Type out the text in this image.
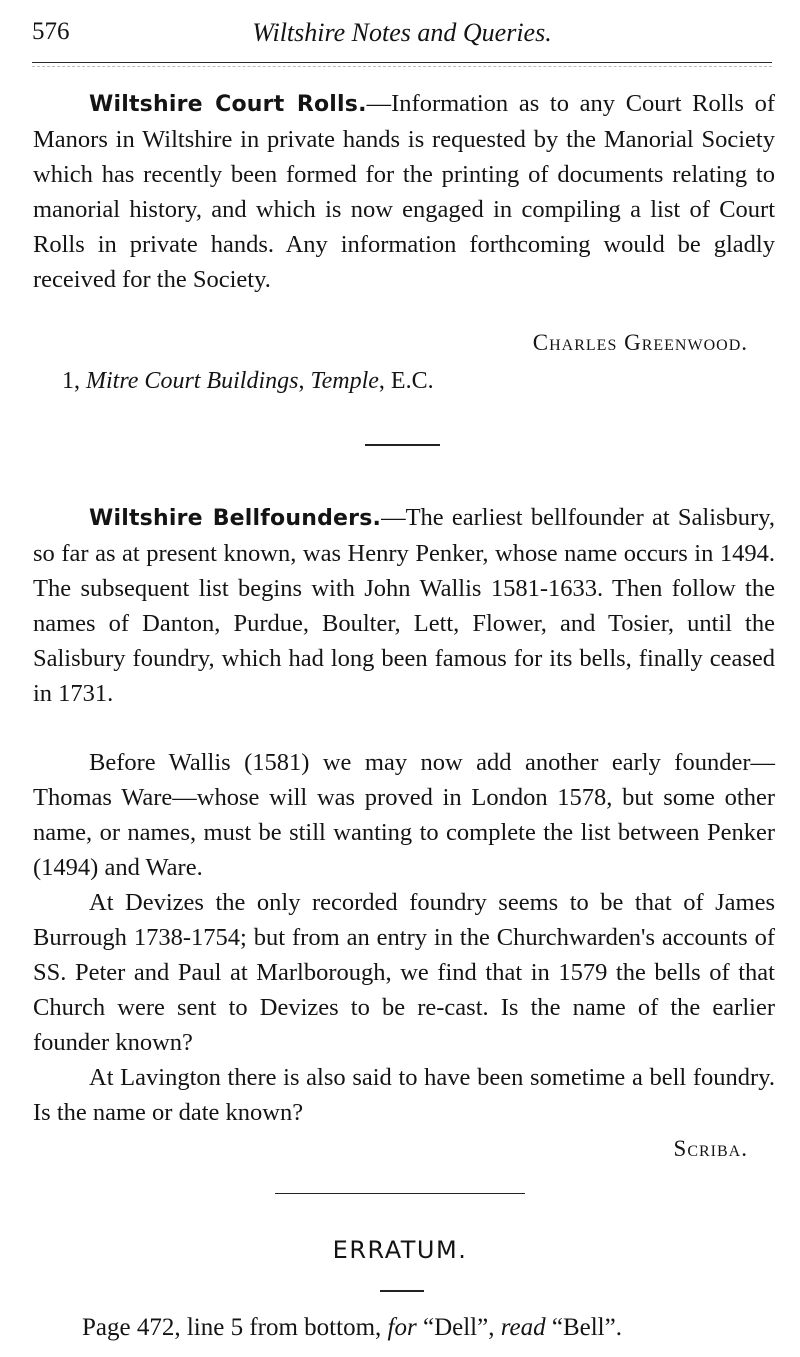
576	Wiltshire Notes and Queries.

Wiltshire Court Rolls.—Information as to any Court Rolls of Manors in Wiltshire in private hands is requested by the Manorial Society which has recently been formed for the printing of documents relating to manorial history, and which is now engaged in compiling a list of Court Rolls in private hands. Any information forthcoming would be gladly received for the Society.

Charles Greenwood.
1, Mitre Court Buildings, Temple, E.C.

Wiltshire Bellfounders.—The earliest bellfounder at Salisbury, so far as at present known, was Henry Penker, whose name occurs in 1494. The subsequent list begins with John Wallis 1581-1633. Then follow the names of Danton, Purdue, Boulter, Lett, Flower, and Tosier, until the Salisbury foundry, which had long been famous for its bells, finally ceased in 1731.

Before Wallis (1581) we may now add another early founder—Thomas Ware—whose will was proved in London 1578, but some other name, or names, must be still wanting to complete the list between Penker (1494) and Ware.

At Devizes the only recorded foundry seems to be that of James Burrough 1738-1754; but from an entry in the Churchwarden's accounts of SS. Peter and Paul at Marlborough, we find that in 1579 the bells of that Church were sent to Devizes to be re-cast. Is the name of the earlier founder known?

At Lavington there is also said to have been sometime a bell foundry. Is the name or date known?

Scriba.
ERRATUM.
Page 472, line 5 from bottom, for “Dell”, read “Bell”.
